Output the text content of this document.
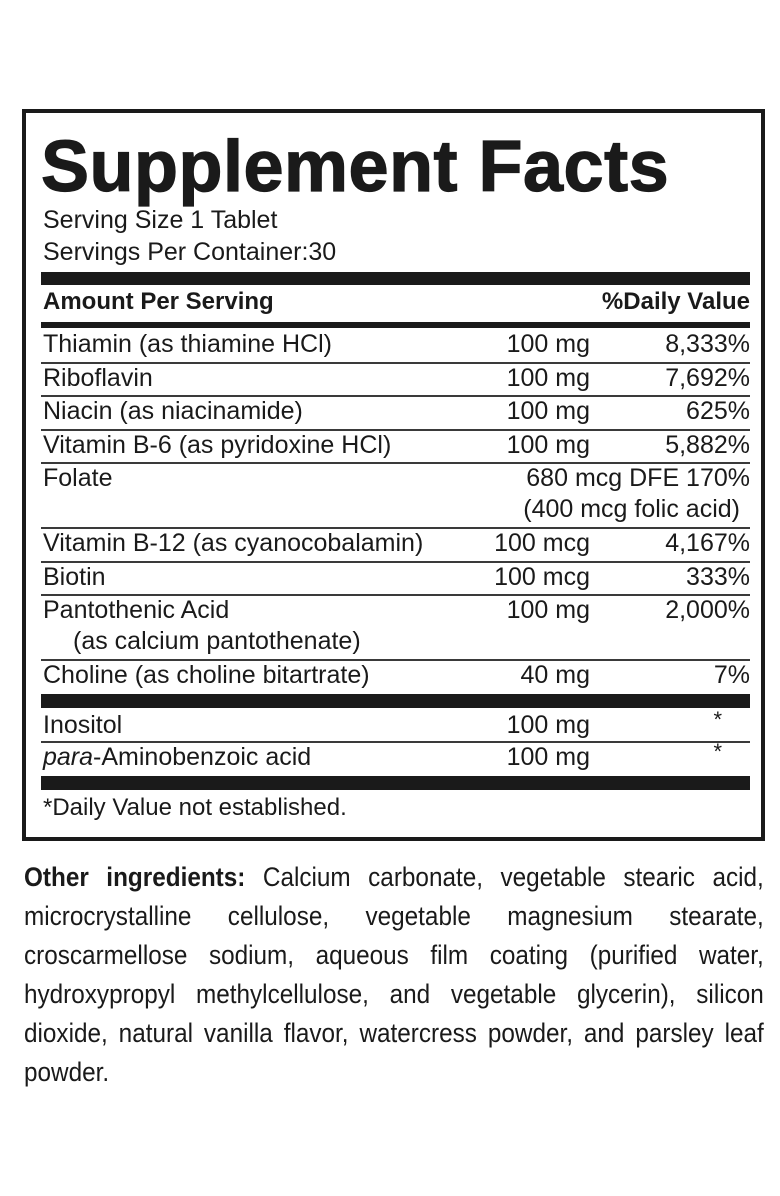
Supplement Facts
Serving Size 1 Tablet
Servings Per Container:30
Amount Per Serving	%Daily Value
Thiamin (as thiamine HCl)	100 mg	8,333%
Riboflavin	100 mg	7,692%
Niacin (as niacinamide)	100 mg	625%
Vitamin B-6 (as pyridoxine HCl)	100 mg	5,882%
Folate	680 mcg DFE 170%
(400 mcg folic acid)
Vitamin B-12 (as cyanocobalamin)	100 mcg	4,167%
Biotin	100 mcg	333%
Pantothenic Acid
(as calcium pantothenate)
100 mg	2,000%
Choline (as choline bitartrate)	40 mg	7%
Inositol	100 mg	*
para-Aminobenzoic acid	100 mg	*
*Daily Value not established.
Other ingredients: Calcium carbonate, vegetable stearic acid, microcrystalline cellulose, vegetable magnesium stearate, croscarmellose sodium, aqueous film coating (purified water, hydroxypropyl methylcellulose, and vegetable glycerin), silicon dioxide, natural vanilla flavor, watercress powder, and parsley leaf powder.
